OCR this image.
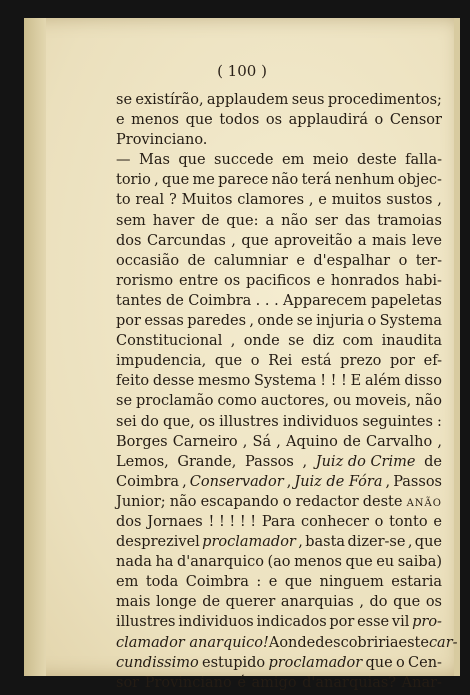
( 100 )
se existírão, applaudem seus procedimentos;
e menos que todos os applaudirá o Censor
Provinciano.
— Mas que succede em meio deste falla-
torio , que me parece não terá nenhum objec-
to real ? Muitos clamores , e muitos sustos ,
sem haver de que: a não ser das tramoias
dos Carcundas , que aproveitão a mais leve
occasião de calumniar e d'espalhar o ter-
rorismo entre os pacificos e honrados habi-
tantes de Coimbra . . . Apparecem papeletas
por essas paredes , onde se injuria o Systema
Constitucional , onde se diz com inaudita
impudencia, que o Rei está prezo por ef-
feito desse mesmo Systema ! ! ! E além disso
se proclamão como auctores, ou moveis, não
sei do que, os illustres individuos seguintes :
Borges Carneiro , Sá , Aquino de Carvalho ,
Lemos, Grande, Passos , Juiz do Crime de
Coimbra , Conservador , Juiz de Fóra , Passos
Junior; não escapando o redactor deste anão
dos Jornaes ! ! ! ! ! Para conhecer o tonto e
desprezivel proclamador , basta dizer-se , que
nada ha d'anarquico (ao menos que eu saiba)
em toda Coimbra : e que ninguem estaria
mais longe de querer anarquias , do que os
illustres individuos indicados por esse vil pro-
clamador anarquico! Aonde descobriria este car-
cundissimo estupido proclamador que o Cen-
sor Provinciano é amigo d'anarquias? Anar-
